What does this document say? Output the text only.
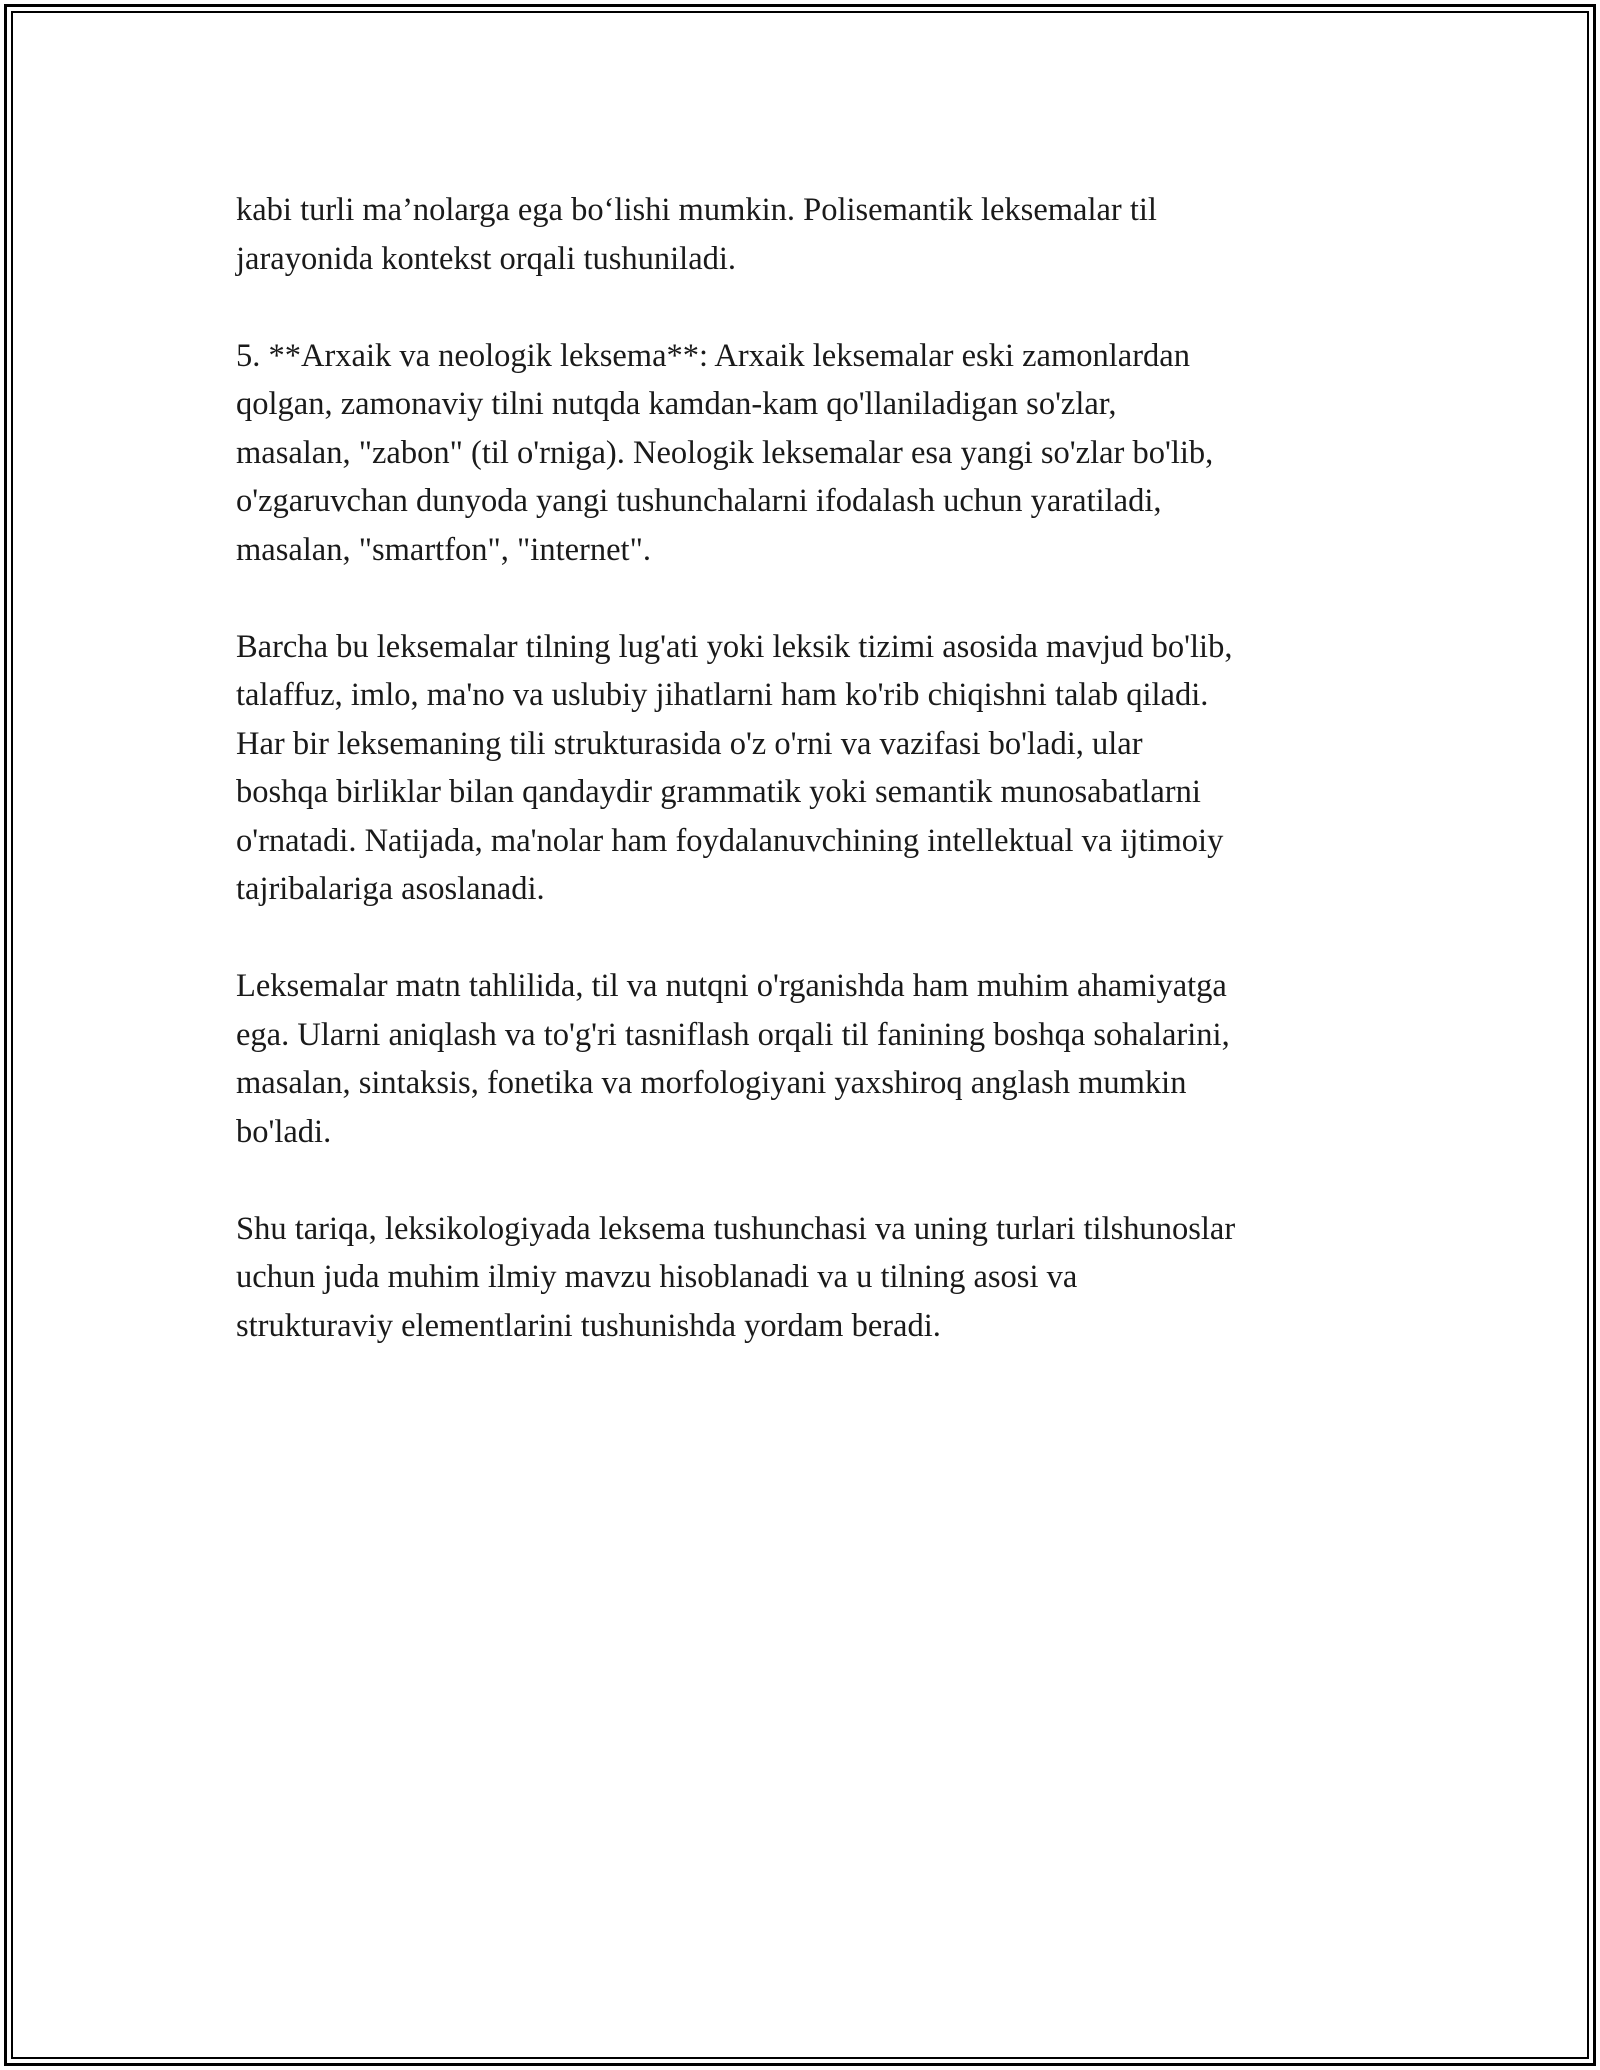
kabi turli ma’nolarga ega bo‘lishi mumkin. Polisemantik leksemalar til
jarayonida kontekst orqali tushuniladi.

5. **Arxaik va neologik leksema**: Arxaik leksemalar eski zamonlardan
qolgan, zamonaviy tilni nutqda kamdan-kam qo'llaniladigan so'zlar,
masalan, "zabon" (til o'rniga). Neologik leksemalar esa yangi so'zlar bo'lib,
o'zgaruvchan dunyoda yangi tushunchalarni ifodalash uchun yaratiladi,
masalan, "smartfon", "internet".

Barcha bu leksemalar tilning lug'ati yoki leksik tizimi asosida mavjud bo'lib,
talaffuz, imlo, ma'no va uslubiy jihatlarni ham ko'rib chiqishni talab qiladi.
Har bir leksemaning tili strukturasida o'z o'rni va vazifasi bo'ladi, ular
boshqa birliklar bilan qandaydir grammatik yoki semantik munosabatlarni
o'rnatadi. Natijada, ma'nolar ham foydalanuvchining intellektual va ijtimoiy
tajribalariga asoslanadi.

Leksemalar matn tahlilida, til va nutqni o'rganishda ham muhim ahamiyatga
ega. Ularni aniqlash va to'g'ri tasniflash orqali til fanining boshqa sohalarini,
masalan, sintaksis, fonetika va morfologiyani yaxshiroq anglash mumkin
bo'ladi.

Shu tariqa, leksikologiyada leksema tushunchasi va uning turlari tilshunoslar
uchun juda muhim ilmiy mavzu hisoblanadi va u tilning asosi va
strukturaviy elementlarini tushunishda yordam beradi.
